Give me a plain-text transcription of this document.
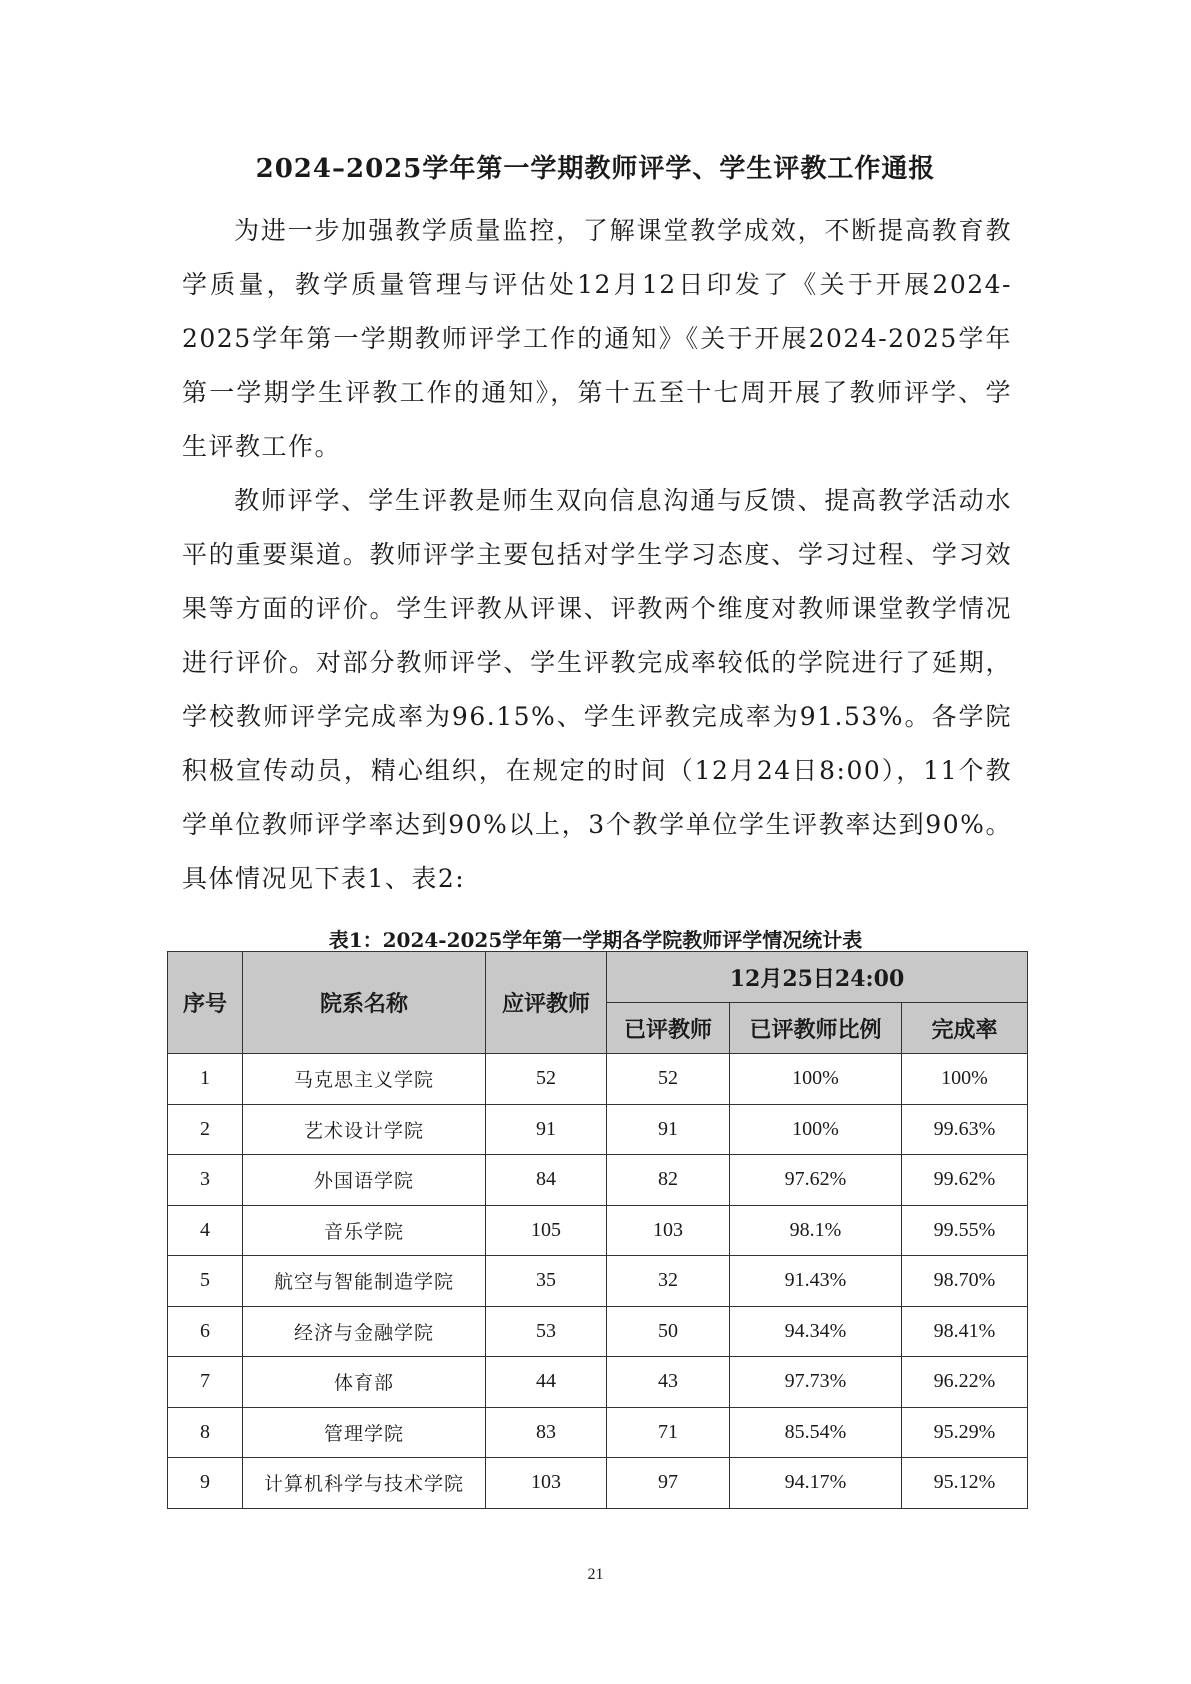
2024–2025学年第一学期教师评学、学生评教工作通报
为进一步加强教学质量监控，了解课堂教学成效，不断提高教育教学质量，教学质量管理与评估处12月12日印发了《关于开展2024-2025学年第一学期教师评学工作的通知》《关于开展2024-2025学年第一学期学生评教工作的通知》，第十五至十七周开展了教师评学、学生评教工作。
教师评学、学生评教是师生双向信息沟通与反馈、提高教学活动水平的重要渠道。教师评学主要包括对学生学习态度、学习过程、学习效果等方面的评价。学生评教从评课、评教两个维度对教师课堂教学情况进行评价。对部分教师评学、学生评教完成率较低的学院进行了延期，学校教师评学完成率为96.15%、学生评教完成率为91.53%。各学院积极宣传动员，精心组织，在规定的时间（12月24日8:00），11个教学单位教师评学率达到90%以上，3个教学单位学生评教率达到90%。具体情况见下表1、表2:
表1：2024-2025学年第一学期各学院教师评学情况统计表
序号	院系名称	应评教师	12月25日24:00		
			已评教师	已评教师比例	完成率
1	马克思主义学院	52	52	100%	100%
2	艺术设计学院	91	91	100%	99.63%
3	外国语学院	84	82	97.62%	99.62%
4	音乐学院	105	103	98.1%	99.55%
5	航空与智能制造学院	35	32	91.43%	98.70%
6	经济与金融学院	53	50	94.34%	98.41%
7	体育部	44	43	97.73%	96.22%
8	管理学院	83	71	85.54%	95.29%
9	计算机科学与技术学院	103	97	94.17%	95.12%
21
